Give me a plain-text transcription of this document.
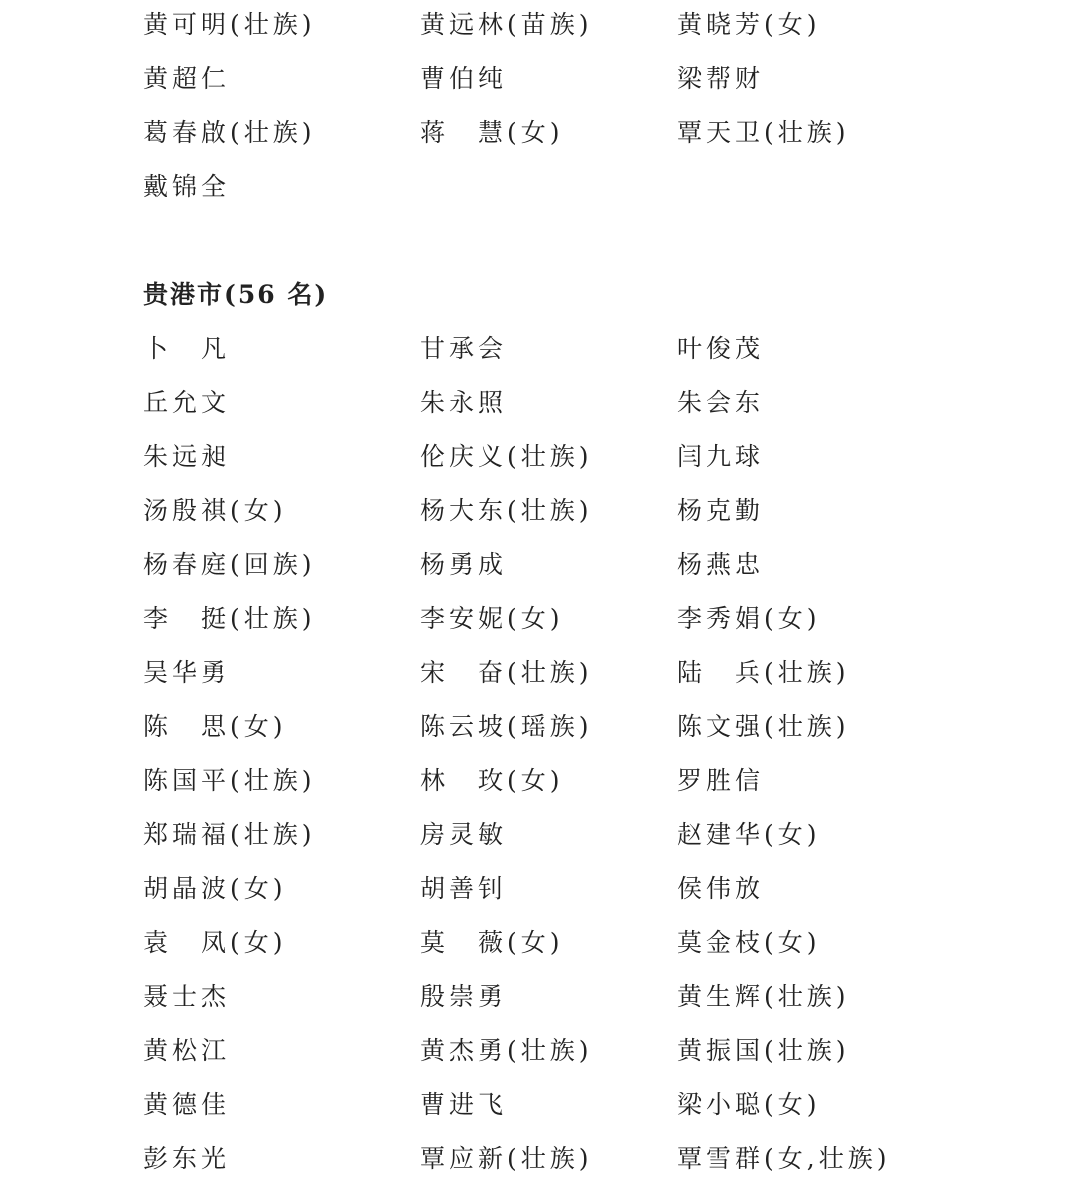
黄可明(壮族)	黄远林(苗族)	黄晓芳(女)
黄超仁	曹伯纯	梁帮财
葛春啟(壮族)	蒋　慧(女)	覃天卫(壮族)
戴锦全
贵港市(56 名)
卜　凡	甘承会	叶俊茂
丘允文	朱永照	朱会东
朱远昶	伦庆义(壮族)	闫九球
汤殷祺(女)	杨大东(壮族)	杨克勤
杨春庭(回族)	杨勇成	杨燕忠
李　挺(壮族)	李安妮(女)	李秀娟(女)
吴华勇	宋　奋(壮族)	陆　兵(壮族)
陈　思(女)	陈云坡(瑶族)	陈文强(壮族)
陈国平(壮族)	林　玫(女)	罗胜信
郑瑞福(壮族)	房灵敏	赵建华(女)
胡晶波(女)	胡善钊	侯伟放
袁　凤(女)	莫　薇(女)	莫金枝(女)
聂士杰	殷崇勇	黄生辉(壮族)
黄松江	黄杰勇(壮族)	黄振国(壮族)
黄德佳	曹进飞	梁小聪(女)
彭东光	覃应新(壮族)	覃雪群(女,壮族)
